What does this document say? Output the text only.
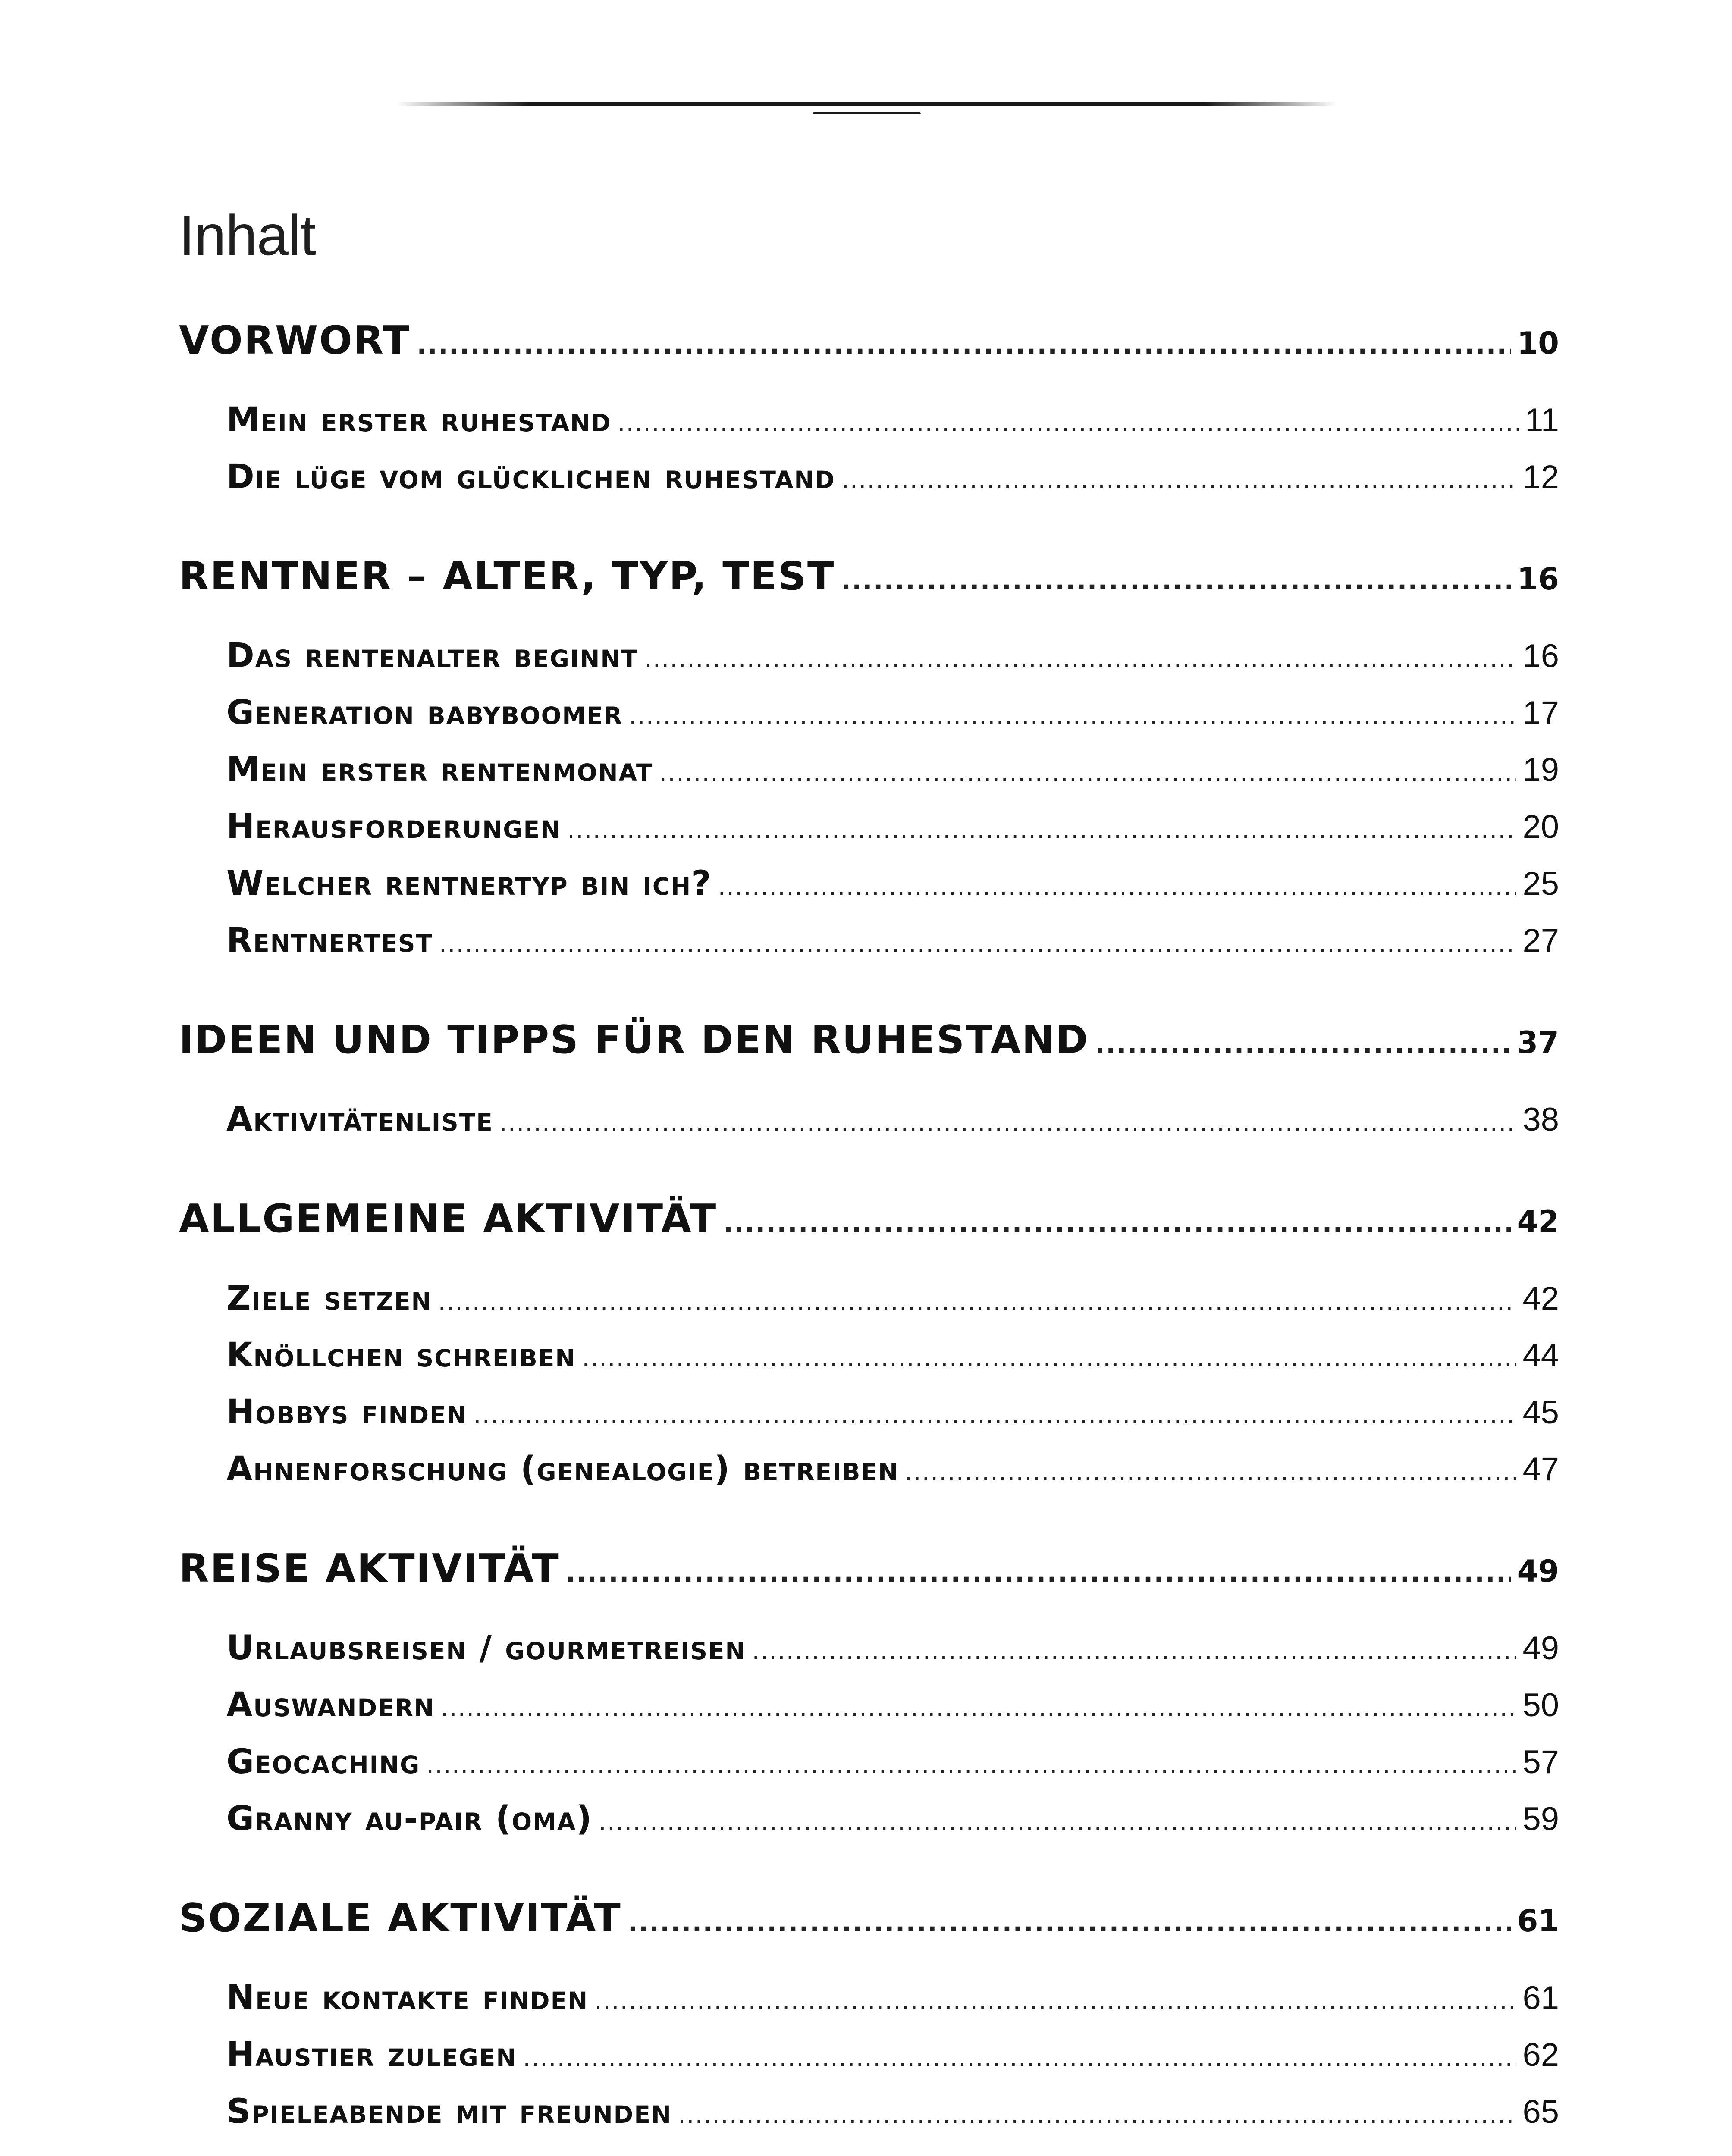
Inhalt
VORWORT .....	10
Mein erster ruhestand .....	11
Die lüge vom glücklichen ruhestand .....	12
RENTNER – ALTER, TYP, TEST .....	16
Das rentenalter beginnt .....	16
Generation babyboomer .....	17
Mein erster rentenmonat .....	19
Herausforderungen .....	20
Welcher rentnertyp bin ich? .....	25
Rentnertest .....	27
IDEEN UND TIPPS FÜR DEN RUHESTAND .....	37
Aktivitätenliste .....	38
ALLGEMEINE AKTIVITÄT .....	42
Ziele setzen .....	42
Knöllchen schreiben .....	44
Hobbys finden .....	45
Ahnenforschung (genealogie) betreiben .....	47
REISE AKTIVITÄT .....	49
Urlaubsreisen / gourmetreisen .....	49
Auswandern .....	50
Geocaching .....	57
Granny au-pair (oma) .....	59
SOZIALE AKTIVITÄT .....	61
Neue kontakte finden .....	61
Haustier zulegen .....	62
Spieleabende mit freunden .....	65
